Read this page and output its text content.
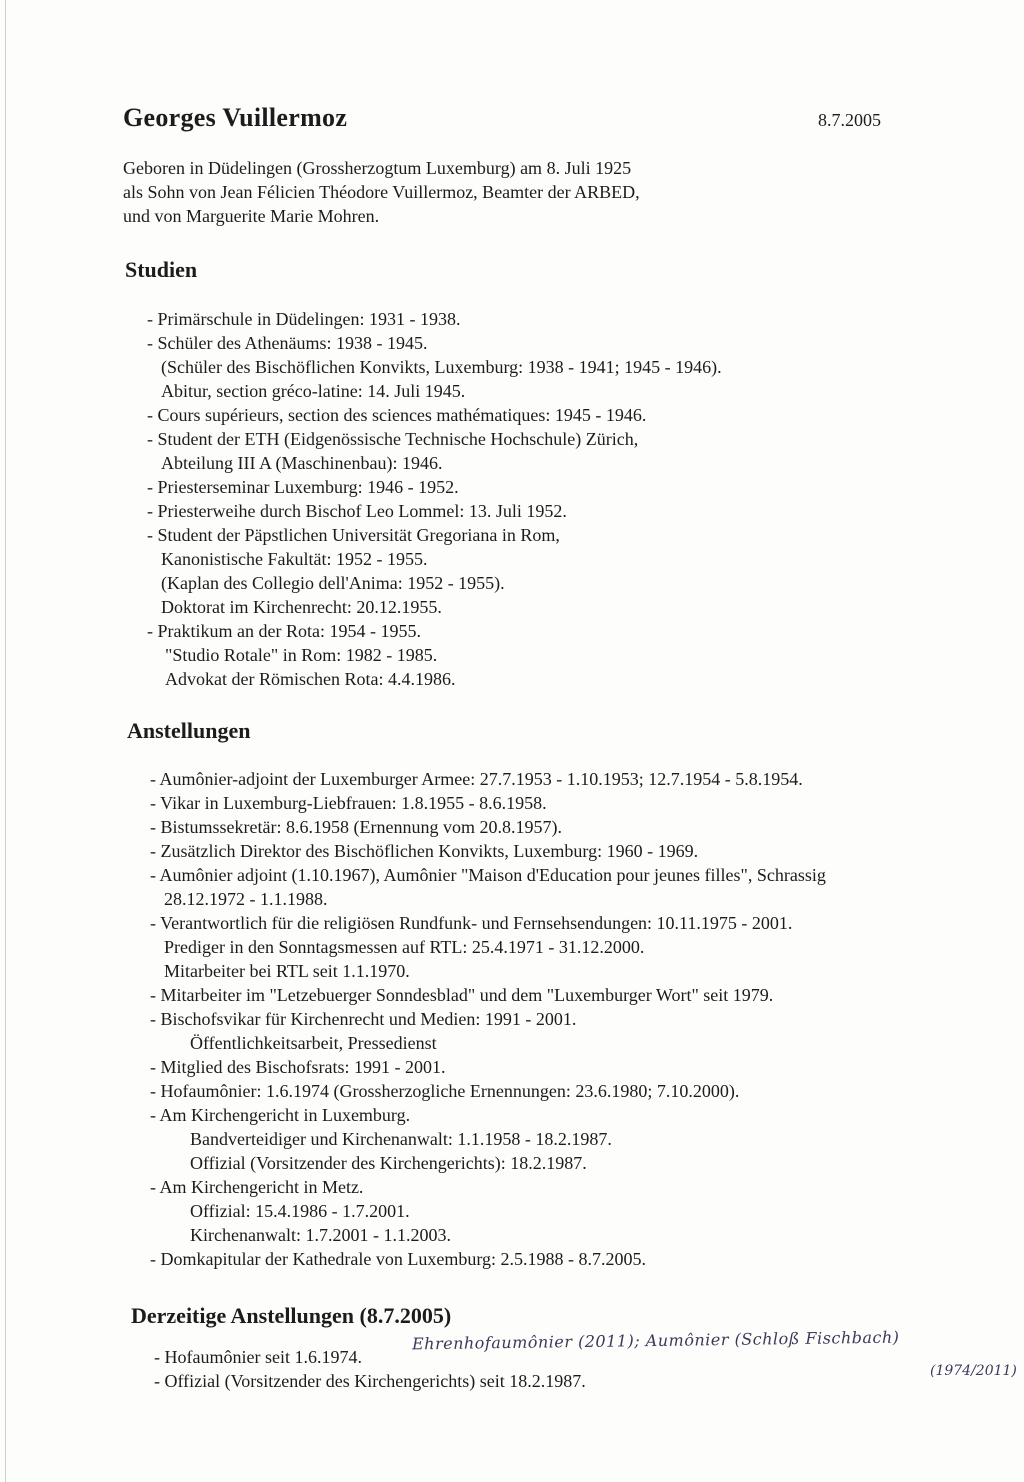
Georges Vuillermoz	8.7.2005
Geboren in Düdelingen (Grossherzogtum Luxemburg) am 8. Juli 1925
als Sohn von Jean Félicien Théodore Vuillermoz, Beamter der ARBED,
und von Marguerite Marie Mohren.
Studien
- Primärschule in Düdelingen: 1931 - 1938.
- Schüler des Athenäums: 1938 - 1945.
(Schüler des Bischöflichen Konvikts, Luxemburg: 1938 - 1941; 1945 - 1946).
Abitur, section gréco-latine: 14. Juli 1945.
- Cours supérieurs, section des sciences mathématiques: 1945 - 1946.
- Student der ETH (Eidgenössische Technische Hochschule) Zürich,
Abteilung III A (Maschinenbau): 1946.
- Priesterseminar Luxemburg: 1946 - 1952.
- Priesterweihe durch Bischof Leo Lommel: 13. Juli 1952.
- Student der Päpstlichen Universität Gregoriana in Rom,
Kanonistische Fakultät: 1952 - 1955.
(Kaplan des Collegio dell'Anima: 1952 - 1955).
Doktorat im Kirchenrecht: 20.12.1955.
- Praktikum an der Rota: 1954 - 1955.
"Studio Rotale" in Rom: 1982 - 1985.
Advokat der Römischen Rota: 4.4.1986.
Anstellungen
- Aumônier-adjoint der Luxemburger Armee: 27.7.1953 - 1.10.1953; 12.7.1954 - 5.8.1954.
- Vikar in Luxemburg-Liebfrauen: 1.8.1955 - 8.6.1958.
- Bistumssekretär: 8.6.1958 (Ernennung vom 20.8.1957).
- Zusätzlich Direktor des Bischöflichen Konvikts, Luxemburg: 1960 - 1969.
- Aumônier adjoint (1.10.1967), Aumônier "Maison d'Education pour jeunes filles", Schrassig
28.12.1972 - 1.1.1988.
- Verantwortlich für die religiösen Rundfunk- und Fernsehsendungen: 10.11.1975 - 2001.
Prediger in den Sonntagsmessen auf RTL: 25.4.1971 - 31.12.2000.
Mitarbeiter bei RTL seit 1.1.1970.
- Mitarbeiter im "Letzebuerger Sonndesblad" und dem "Luxemburger Wort" seit 1979.
- Bischofsvikar für Kirchenrecht und Medien: 1991 - 2001.
Öffentlichkeitsarbeit, Pressedienst
- Mitglied des Bischofsrats: 1991 - 2001.
- Hofaumônier: 1.6.1974 (Grossherzogliche Ernennungen: 23.6.1980; 7.10.2000).
- Am Kirchengericht in Luxemburg.
Bandverteidiger und Kirchenanwalt: 1.1.1958 - 18.2.1987.
Offizial (Vorsitzender des Kirchengerichts): 18.2.1987.
- Am Kirchengericht in Metz.
Offizial: 15.4.1986 - 1.7.2001.
Kirchenanwalt: 1.7.2001 - 1.1.2003.
- Domkapitular der Kathedrale von Luxemburg: 2.5.1988 - 8.7.2005.
Derzeitige Anstellungen (8.7.2005)
- Hofaumônier seit 1.6.1974.
- Offizial (Vorsitzender des Kirchengerichts) seit 18.2.1987.
Ehrenhofaumônier (2011); Aumônier (Schloß Fischbach)
(1974/2011)
